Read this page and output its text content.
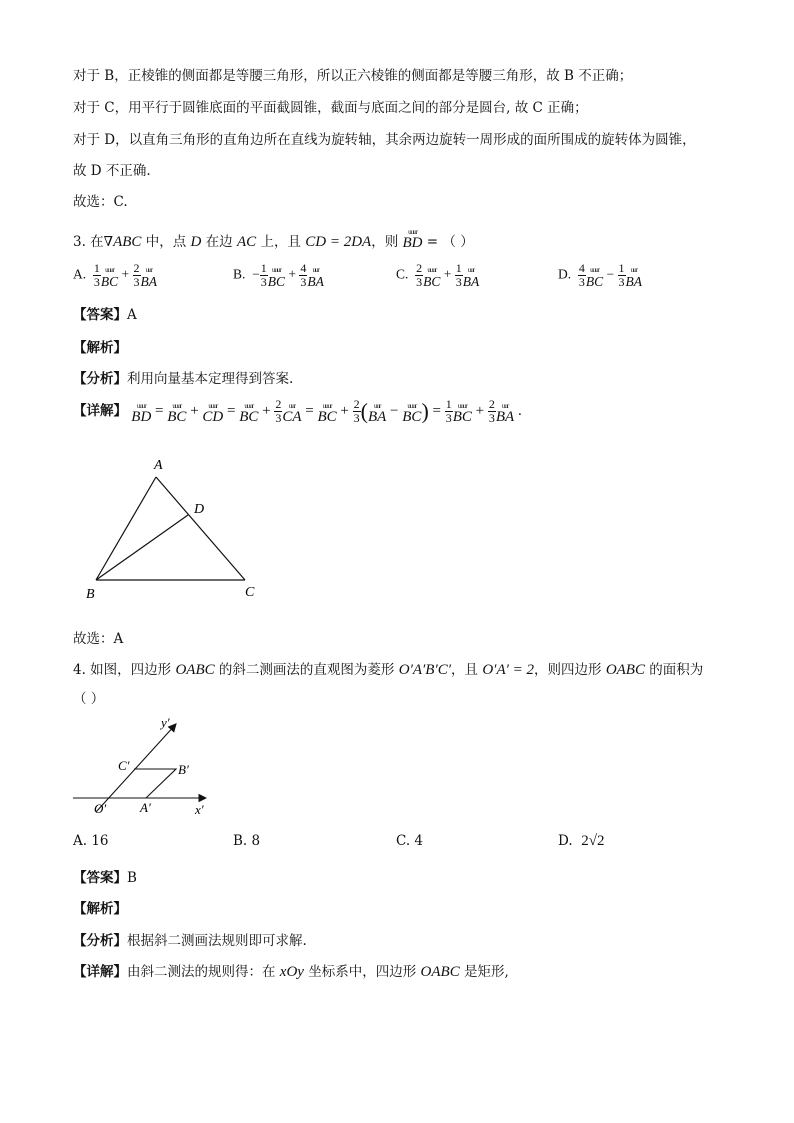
对于 B，正棱锥的侧面都是等腰三角形，所以正六棱锥的侧面都是等腰三角形，故 B 不正确；
对于 C，用平行于圆锥底面的平面截圆锥，截面与底面之间的部分是圆台, 故 C 正确；
对于 D，以直角三角形的直角边所在直线为旋转轴，其余两边旋转一周形成的面所围成的旋转体为圆锥，
故 D 不正确.
故选：C.
3. 在∇ABC 中，点 D 在边 AC 上，且 CD = 2DA，则
uuur
BD = （ ）
A. $\frac{1}{3}$ uuur
BC + $\frac{2}{3}$ uur
BA	B.  − $\frac{1}{3}$ uuur
BC + $\frac{4}{3}$ uur
BA	C. $\frac{2}{3}$ uuur
BC + $\frac{1}{3}$ uur
BA	D. $\frac{4}{3}$ uuur
BC − $\frac{1}{3}$ uur
BA
【答案】A
【解析】
【分析】利用向量基本定理得到答案.
【详解】	uuur
BD = uuur
BC + uuur
CD = uuur
BC + $\frac{2}{3}$ uur
CA = uuur
BC + $\frac{2}{3}$ ( uur
BA − uuur
BC ) = $\frac{1}{3}$ uuur
BC + $\frac{2}{3}$ uur
BA .
A
D
B	C
故选：A
4. 如图，四边形 OABC 的斜二测画法的直观图为菱形 O′A′B′C′，且 O′A′ = 2，则四边形 OABC 的面积为
（ ）
y′
x′
C′	B′
O′	A′
A. 16	B. 8	C. 4	D. 2√2
【答案】B
【解析】
【分析】根据斜二测画法规则即可求解.
【详解】由斜二测法的规则得：在 xOy 坐标系中，四边形 OABC 是矩形,
